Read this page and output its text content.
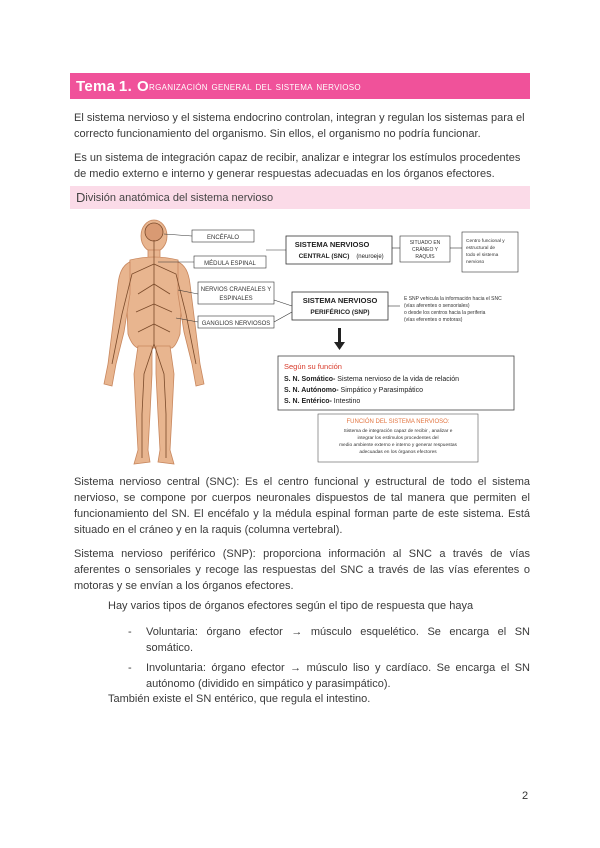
Tema
1. O rganización general del sistema nervioso

El sistema nervioso y el sistema endocrino controlan, integran y regulan los sistemas para el correcto funcionamiento del organismo. Sin ellos, el organismo no podría funcionar.

Es un sistema de integración capaz de recibir, analizar e integrar los estímulos procedentes de medio externo e interno y generar respuestas adecuadas en los órganos efectores.

D ivisión anatómica del sistema nervioso
ENCÉFALO
MÉDULA ESPINAL
NERVIOS CRANEALES Y
ESPINALES
GANGLIOS NERVIOSOS
SISTEMA NERVIOSO
CENTRAL (SNC) (neuroeje)
SITUADO EN
CRÁNEO Y
RAQUIS
Centro funcional y
estructural de
todo el sistema
nervioso
SISTEMA NERVIOSO
PERIFÉRICO (SNP)
E SNP vehicula la información hacia el SNC
(vías aferentes o sensoriales)
o desde los centros hacia la periferia
(vías eferentes o motoras)
Según su función
S. N. Somático- Sistema nervioso de la vida de relación
S. N. Autónomo- Simpático y Parasimpático
S. N. Entérico- Intestino
FUNCIÓN DEL SISTEMA NERVIOSO:
Sistema de integración capaz de recibir , analizar e
integrar los estímulos procedentes del
medio ambiente externo e interno y generar respuestas
adecuadas en los órganos efectores

Sistema nervioso central (SNC): Es el centro funcional y estructural de todo el sistema nervioso, se compone por cuerpos neuronales dispuestos de tal manera que permiten el funcionamiento del SN. El encéfalo y la médula espinal forman parte de este sistema. Está situado en el cráneo y en la raquis (columna vertebral).

Sistema nervioso periférico (SNP): proporciona información al SNC a través de vías aferentes o sensoriales y recoge las respuestas del SNC a través de las vías eferentes o motoras y se envían a los órganos efectores.

Hay varios tipos de órganos efectores según el tipo de respuesta que haya
- Voluntaria: órgano efector → músculo esquelético. Se encarga el SN somático.
- Involuntaria: órgano efector → músculo liso y cardíaco. Se encarga el SN autónomo (dividido en simpático y parasimpático).
También existe el SN entérico, que regula el intestino.
2
